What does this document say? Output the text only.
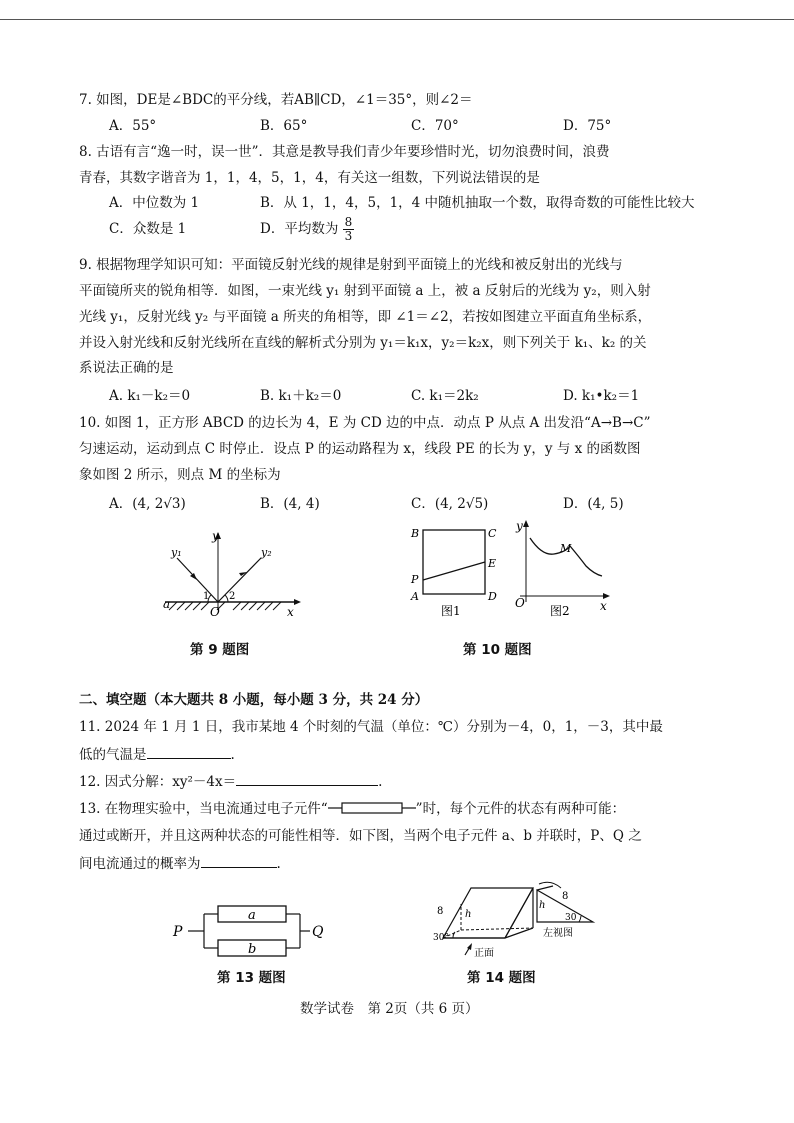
7. 如图，DE是∠BDC的平分线，若AB∥CD，∠1＝35°，则∠2＝
A．55°	B．65°	C．70°	D．75°
8. 古语有言“逸一时，误一世”．其意是教导我们青少年要珍惜时光，切勿浪费时间，浪费
青春，其数字谐音为 1，1，4，5，1，4，有关这一组数，下列说法错误的是
A．中位数为 1	B．从 1，1，4，5，1，4 中随机抽取一个数，取得奇数的可能性比较大
C．众数是 1	D．平均数为 $\frac{8}{3}$
9. 根据物理学知识可知：平面镜反射光线的规律是射到平面镜上的光线和被反射出的光线与
平面镜所夹的锐角相等．如图，一束光线 y₁ 射到平面镜 a 上，被 a 反射后的光线为 y₂，则入射
光线 y₁，反射光线 y₂ 与平面镜 a 所夹的角相等，即 ∠1＝∠2，若按如图建立平面直角坐标系，
并设入射光线和反射光线所在直线的解析式分别为 y₁＝k₁x，y₂＝k₂x，则下列关于 k₁、k₂ 的关
系说法正确的是
A. k₁－k₂＝0	B. k₁＋k₂＝0	C. k₁＝2k₂	D. k₁•k₂＝1
10. 如图 1，正方形 ABCD 的边长为 4，E 为 CD 边的中点．动点 P 从点 A 出发沿“A→B→C”
匀速运动，运动到点 C 时停止．设点 P 的运动路程为 x，线段 PE 的长为 y，y 与 x 的函数图
象如图 2 所示，则点 M 的坐标为
A．(4, 2√3)	B．(4, 4)	C．(4, 2√5)	D．(4, 5)
y
y₁	y₂
1 2
a
O	x
第 9 题图
B	C
E
P
A	D
图1
y
M
O	x
图2
第 10 题图
二、填空题（本大题共 8 小题，每小题 3 分，共 24 分）
11. 2024 年 1 月 1 日，我市某地 4 个时刻的气温（单位：℃）分别为－4，0，1，－3，其中最
低的气温是	.
12. 因式分解：xy²－4x＝	.
13. 在物理实验中，当电流通过电子元件“	”时，每个元件的状态有两种可能：
通过或断开，并且这两种状态的可能性相等．如下图，当两个电子元件 a、b 并联时，P、Q 之
间电流通过的概率为	.
P	Q
a
b
第 13 题图
8 h
30°
正面
h
8
30
左视图
第 14 题图
数学试卷　第 2页（共 6 页）
